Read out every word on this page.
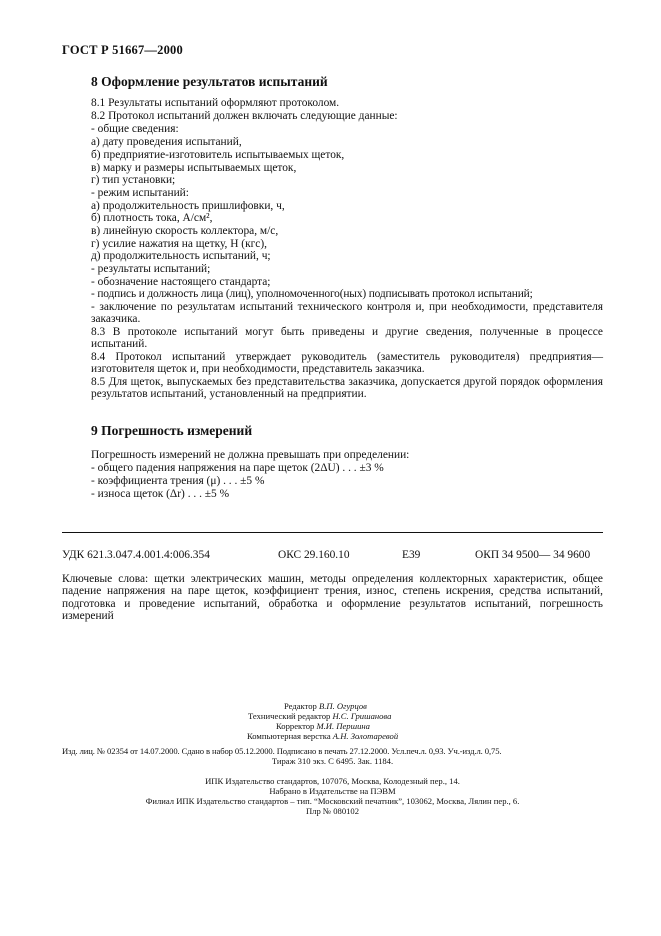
ГОСТ Р 51667—2000
8 Оформление результатов испытаний
8.1 Результаты испытаний оформляют протоколом.
8.2 Протокол испытаний должен включать следующие данные:
- общие сведения:
а) дату проведения испытаний,
б) предприятие-изготовитель испытываемых щеток,
в) марку и размеры испытываемых щеток,
г) тип установки;
- режим испытаний:
а) продолжительность пришлифовки, ч,
б) плотность тока, А/см²,
в) линейную скорость коллектора, м/с,
г) усилие нажатия на щетку, Н (кгс),
д) продолжительность испытаний, ч;
- результаты испытаний;
- обозначение настоящего стандарта;
- подпись и должность лица (лиц), уполномоченного(ных) подписывать протокол испытаний;
- заключение по результатам испытаний технического контроля и, при необходимости, представителя заказчика.
8.3 В протоколе испытаний могут быть приведены и другие сведения, полученные в процессе испытаний.
8.4 Протокол испытаний утверждает руководитель (заместитель руководителя) предприятия—изготовителя щеток и, при необходимости, представитель заказчика.
8.5 Для щеток, выпускаемых без представительства заказчика, допускается другой порядок оформления результатов испытаний, установленный на предприятии.
9 Погрешность измерений
Погрешность измерений не должна превышать при определении:
- общего падения напряжения на паре щеток (2ΔU) . . . ±3 %
- коэффициента трения (μ) . . . ±5 %
- износа щеток (Δr) . . . ±5 %
УДК 621.3.047.4.001.4:006.354	ОКС 29.160.10	Е39	ОКП 34 9500— 34 9600
Ключевые слова: щетки электрических машин, методы определения коллекторных характеристик, общее падение напряжения на паре щеток, коэффициент трения, износ, степень искрения, средства испытаний, подготовка и проведение испытаний, обработка и оформление результатов испытаний, погрешность измерений
Редактор В.П. Огурцов
Технический редактор Н.С. Гришанова
Корректор М.И. Першина
Компьютерная верстка А.Н. Золотаревой
Изд. лиц. № 02354 от 14.07.2000. Сдано в набор 05.12.2000. Подписано в печать 27.12.2000. Усл.печ.л. 0,93. Уч.-изд.л. 0,75.
Тираж 310 экз. С 6495. Зак. 1184.
ИПК Издательство стандартов, 107076, Москва, Колодезный пер., 14.
Набрано в Издательстве на ПЭВМ
Филиал ИПК Издательство стандартов – тип. “Московский печатник”, 103062, Москва, Лялин пер., 6.
Плр № 080102
